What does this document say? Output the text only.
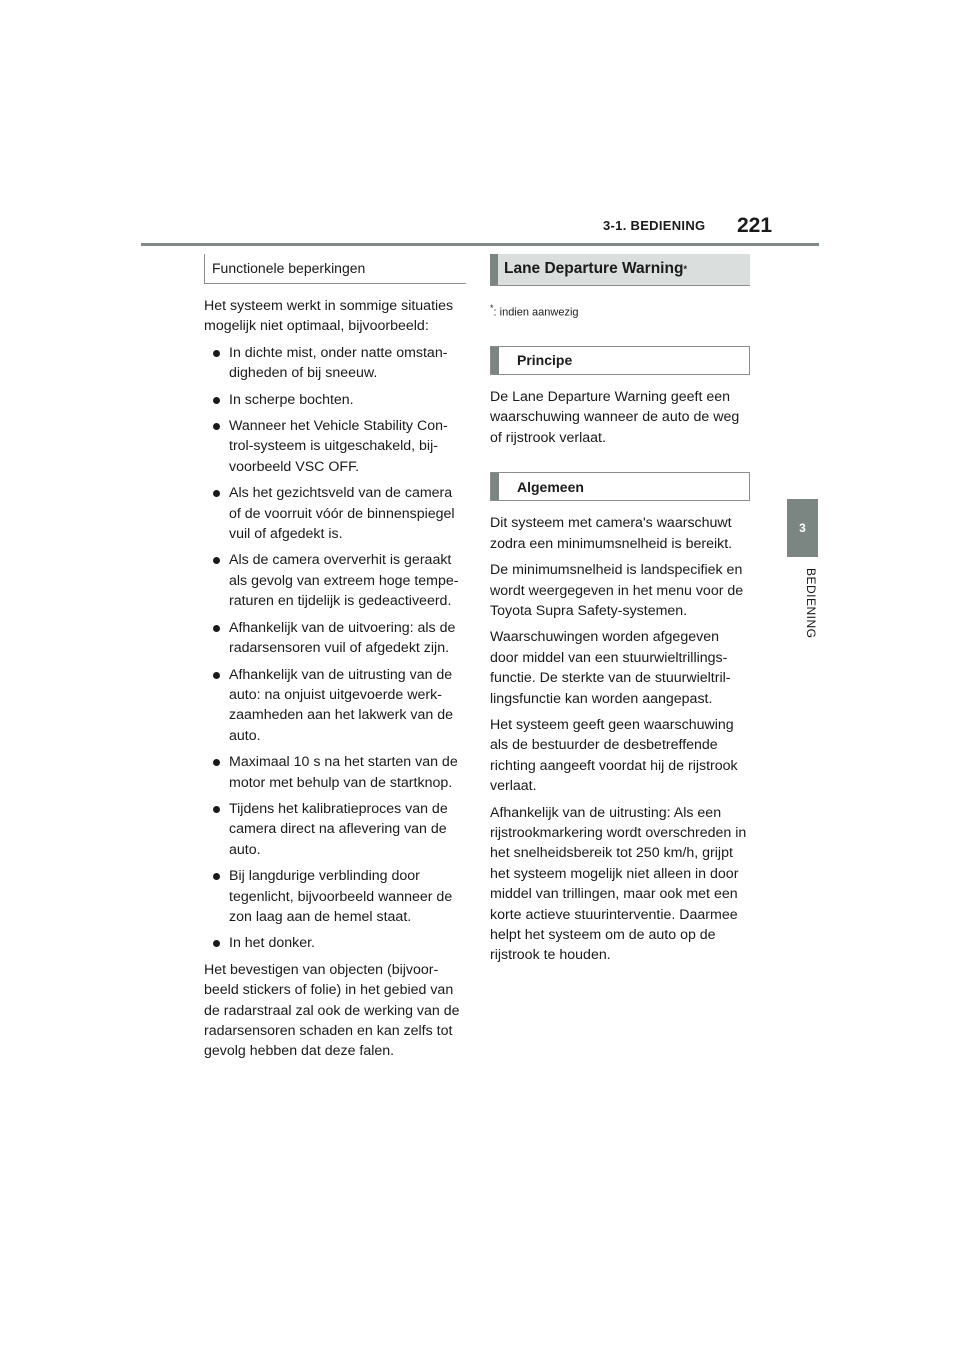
3-1. BEDIENING 221
3
BEDIENING
Functionele beperkingen

Het systeem werkt in sommige situaties mogelijk niet optimaal, bijvoorbeeld:

In dichte mist, onder natte omstan-digheden of bij sneeuw.
In scherpe bochten.
Wanneer het Vehicle Stability Con-trol-systeem is uitgeschakeld, bij-voorbeeld VSC OFF.
Als het gezichtsveld van de camera of de voorruit vóór de binnenspiegel vuil of afgedekt is.
Als de camera oververhit is geraakt als gevolg van extreem hoge tempe-raturen en tijdelijk is gedeactiveerd.
Afhankelijk van de uitvoering: als de radarsensoren vuil of afgedekt zijn.
Afhankelijk van de uitrusting van de auto: na onjuist uitgevoerde werk-zaamheden aan het lakwerk van de auto.
Maximaal 10 s na het starten van de motor met behulp van de startknop.
Tijdens het kalibratieproces van de camera direct na aflevering van de auto.
Bij langdurige verblinding door tegenlicht, bijvoorbeeld wanneer de zon laag aan de hemel staat.
In het donker.

Het bevestigen van objecten (bijvoor-beeld stickers of folie) in het gebied van de radarstraal zal ook de werking van de radarsensoren schaden en kan zelfs tot gevolg hebben dat deze falen.

Lane Departure Warning *
*: indien aanwezig
Principe

De Lane Departure Warning geeft een waarschuwing wanneer de auto de weg of rijstrook verlaat.

Algemeen

Dit systeem met camera's waarschuwt zodra een minimumsnelheid is bereikt.

De minimumsnelheid is landspecifiek en wordt weergegeven in het menu voor de Toyota Supra Safety-systemen.

Waarschuwingen worden afgegeven door middel van een stuurwieltrillings-functie. De sterkte van de stuurwieltril-lingsfunctie kan worden aangepast.

Het systeem geeft geen waarschuwing als de bestuurder de desbetreffende richting aangeeft voordat hij de rijstrook verlaat.

Afhankelijk van de uitrusting: Als een rijstrookmarkering wordt overschreden in het snelheidsbereik tot 250 km/h, grijpt het systeem mogelijk niet alleen in door middel van trillingen, maar ook met een korte actieve stuurinterventie. Daarmee helpt het systeem om de auto op de rijstrook te houden.
